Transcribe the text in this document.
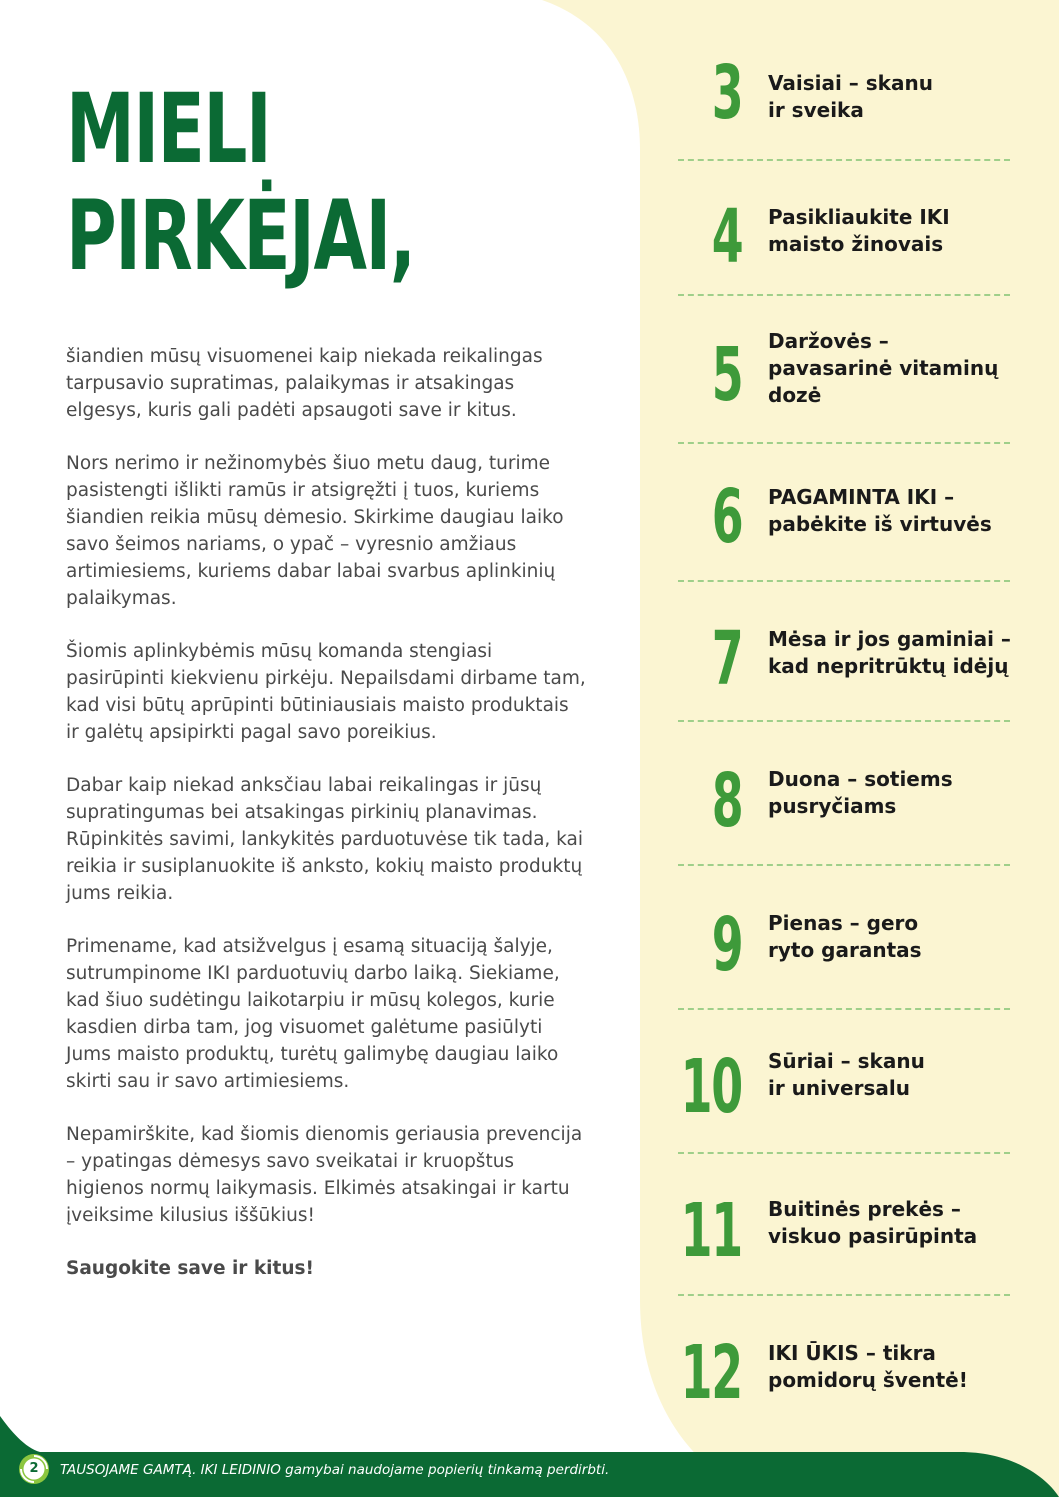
MIELI
PIRKĖJAI,

šiandien mūsų visuomenei kaip niekada reikalingas tarpusavio supratimas, palaikymas ir atsakingas elgesys, kuris gali padėti apsaugoti save ir kitus.

Nors nerimo ir nežinomybės šiuo metu daug, turime pasistengti išlikti ramūs ir atsigręžti į tuos, kuriems šiandien reikia mūsų dėmesio. Skirkime daugiau laiko savo šeimos nariams, o ypač – vyresnio amžiaus artimiesiems, kuriems dabar labai svarbus aplinkinių palaikymas.

Šiomis aplinkybėmis mūsų komanda stengiasi pasirūpinti kiekvienu pirkėju. Nepailsdami dirbame tam, kad visi būtų aprūpinti būtiniausiais maisto produktais ir galėtų apsipirkti pagal savo poreikius.

Dabar kaip niekad anksčiau labai reikalingas ir jūsų supratingumas bei atsakingas pirkinių planavimas. Rūpinkitės savimi, lankykitės parduotuvėse tik tada, kai reikia ir susiplanuokite iš anksto, kokių maisto produktų jums reikia.

Primename, kad atsižvelgus į esamą situaciją šalyje, sutrumpinome IKI parduotuvių darbo laiką. Siekiame, kad šiuo sudėtingu laikotarpiu ir mūsų kolegos, kurie kasdien dirba tam, jog visuomet galėtume pasiūlyti Jums maisto produktų, turėtų galimybę daugiau laiko skirti sau ir savo artimiesiems.

Nepamirškite, kad šiomis dienomis geriausia prevencija – ypatingas dėmesys savo sveikatai ir kruopštus higienos normų laikymasis. Elkimės atsakingai ir kartu įveiksime kilusius iššūkius!

Saugokite save ir kitus!

3 Vaisiai – skanu
ir sveika
4 Pasikliaukite IKI
maisto žinovais
5 Daržovės –
pavasarinė vitaminų
dozė
6 PAGAMINTA IKI –
pabėkite iš virtuvės
7 Mėsa ir jos gaminiai –
kad nepritrūktų idėjų
8 Duona – sotiems
pusryčiams
9 Pienas – gero
ryto garantas
10 Sūriai – skanu
ir universalu
11 Buitinės prekės –
viskuo pasirūpinta
12 IKI ŪKIS – tikra
pomidorų šventė!
2	TAUSOJAME GAMTĄ. IKI LEIDINIO gamybai naudojame popierių tinkamą perdirbti.
